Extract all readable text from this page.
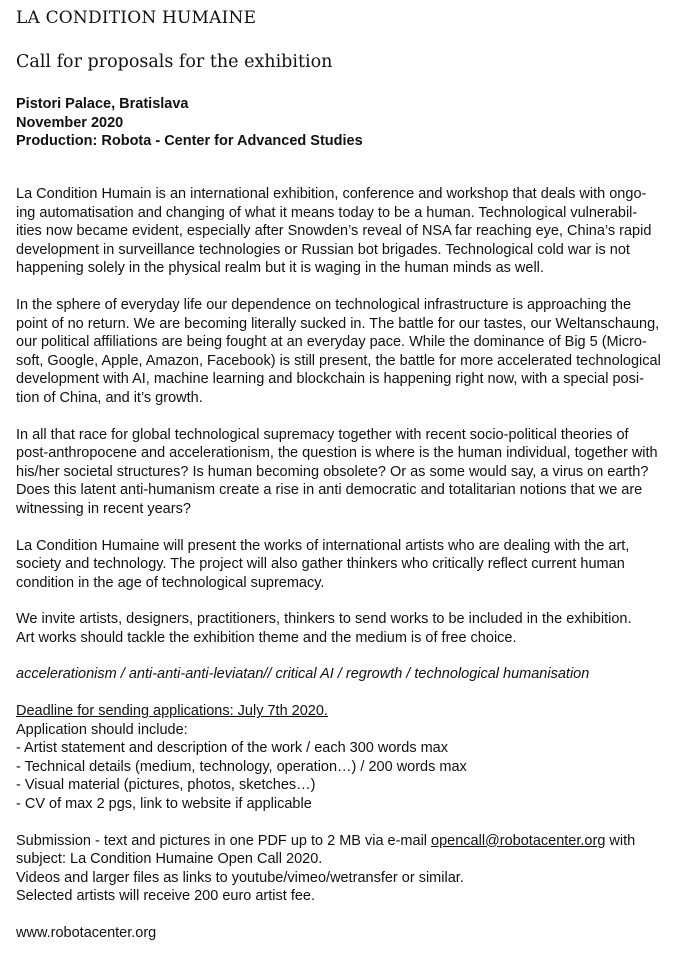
LA CONDITION HUMAINE
Call for proposals for the exhibition
Pistori Palace, Bratislava
November 2020
Production: Robota - Center for Advanced Studies
La Condition Humain is an international exhibition, conference and workshop that deals with ongo-
ing automatisation and changing of what it means today to be a human. Technological vulnerabil-
ities now became evident, especially after Snowden’s reveal of NSA far reaching eye, China’s rapid
development in surveillance technologies or Russian bot brigades. Technological cold war is not
happening solely in the physical realm but it is waging in the human minds as well.
In the sphere of everyday life our dependence on technological infrastructure is approaching the
point of no return. We are becoming literally sucked in. The battle for our tastes, our Weltanschaung,
our political affiliations are being fought at an everyday pace. While the dominance of Big 5 (Micro-
soft, Google, Apple, Amazon, Facebook) is still present, the battle for more accelerated technological
development with AI, machine learning and blockchain is happening right now, with a special posi-
tion of China, and it’s growth.
In all that race for global technological supremacy together with recent socio-political theories of
post-anthropocene and accelerationism, the question is where is the human individual, together with
his/her societal structures? Is human becoming obsolete? Or as some would say, a virus on earth?
Does this latent anti-humanism create a rise in anti democratic and totalitarian notions that we are
witnessing in recent years?
La Condition Humaine will present the works of international artists who are dealing with the art,
society and technology. The project will also gather thinkers who critically reflect current human
condition in the age of technological supremacy.
We invite artists, designers, practitioners, thinkers to send works to be included in the exhibition.
Art works should tackle the exhibition theme and the medium is of free choice.
accelerationism / anti-anti-anti-leviatan// critical AI / regrowth / technological humanisation
Deadline for sending applications: July 7th 2020.
Application should include:
- Artist statement and description of the work / each 300 words max
- Technical details (medium, technology, operation…) / 200 words max
- Visual material (pictures, photos, sketches…)
- CV of max 2 pgs, link to website if applicable
Submission - text and pictures in one PDF up to 2 MB via e-mail opencall@robotacenter.org with
subject: La Condition Humaine Open Call 2020.
Videos and larger files as links to youtube/vimeo/wetransfer or similar.
Selected artists will receive 200 euro artist fee.
www.robotacenter.org
